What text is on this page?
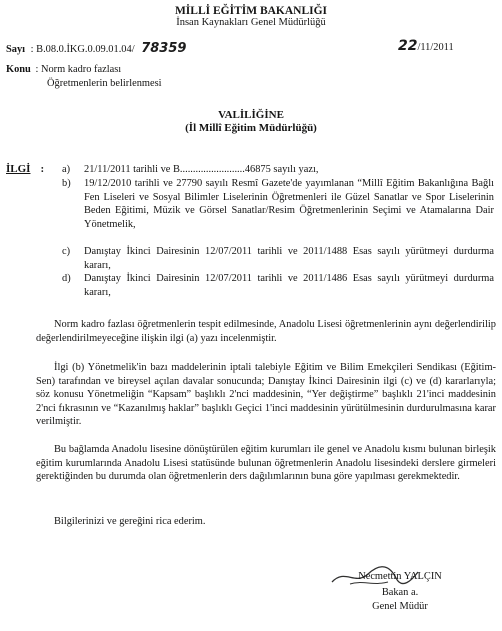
MİLLİ EĞİTİM BAKANLIĞI
İnsan Kaynakları Genel Müdürlüğü
Sayı : B.08.0.İKG.0.09.01.04/ 78359	22/11/2011
Konu : Norm kadro fazlası
Öğretmenlerin belirlenmesi
VALİLİĞİNE
(İl Millî Eğitim Müdürlüğü)
İLGİ : a) 21/11/2011 tarihli ve B.........................46875 sayılı yazı,
b) 19/12/2010 tarihli ve 27790 sayılı Resmî Gazete'de yayımlanan “Millî Eğitim Bakanlığına Bağlı Fen Liseleri ve Sosyal Bilimler Liselerinin Öğretmenleri ile Güzel Sanatlar ve Spor Liselerinin Beden Eğitimi, Müzik ve Görsel Sanatlar/Resim Öğretmenlerinin Seçimi ve Atamalarına Dair Yönetmelik,
c) Danıştay İkinci Dairesinin 12/07/2011 tarihli ve 2011/1488 Esas sayılı yürütmeyi durdurma kararı,
d) Danıştay İkinci Dairesinin 12/07/2011 tarihli ve 2011/1486 Esas sayılı yürütmeyi durdurma kararı,
Norm kadro fazlası öğretmenlerin tespit edilmesinde, Anadolu Lisesi öğretmenlerinin aynı değerlendirilip değerlendirilmeyeceğine ilişkin ilgi (a) yazı incelenmiştir.
İlgi (b) Yönetmelik'in bazı maddelerinin iptali talebiyle Eğitim ve Bilim Emekçileri Sendikası (Eğitim-Sen) tarafından ve bireysel açılan davalar sonucunda; Danıştay İkinci Dairesinin ilgi (c) ve (d) kararlarıyla; söz konusu Yönetmeliğin “Kapsam” başlıklı 2'nci maddesinin, “Yer değiştirme” başlıklı 21'inci maddesinin 2'nci fıkrasının ve “Kazanılmış haklar” başlıklı Geçici 1'inci maddesinin yürütülmesinin durdurulmasına karar verilmiştir.
Bu bağlamda Anadolu lisesine dönüştürülen eğitim kurumları ile genel ve Anadolu kısmı bulunan birleşik eğitim kurumlarında Anadolu Lisesi statüsünde bulunan öğretmenlerin Anadolu lisesindeki derslere girmeleri gerektiğinden bu durumda olan öğretmenlerin ders dağılımlarının buna göre yapılması gerekmektedir.
Bilgilerinizi ve gereğini rica ederim.
Necmettin YALÇIN
Bakan a.
Genel Müdür
